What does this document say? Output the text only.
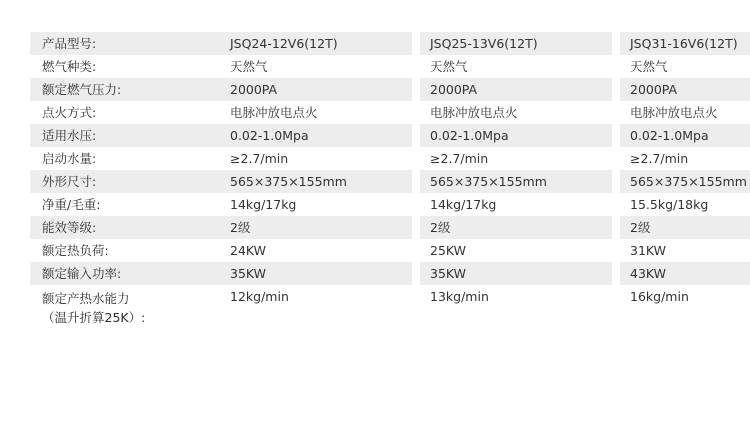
产品型号:	JSQ24-12V6(12T)		JSQ25-13V6(12T)		JSQ31-16V6(12T)
燃气种类:	天然气		天然气		天然气
额定燃气压力:	2000PA		2000PA		2000PA
点火方式:	电脉冲放电点火		电脉冲放电点火		电脉冲放电点火
适用水压:	0.02-1.0Mpa		0.02-1.0Mpa		0.02-1.0Mpa
启动水量:	≥2.7/min		≥2.7/min		≥2.7/min
外形尺寸:	565×375×155mm		565×375×155mm		565×375×155mm
净重/毛重:	14kg/17kg		14kg/17kg		15.5kg/18kg
能效等级:	2级		2级		2级
额定热负荷:	24KW		25KW		31KW
额定输入功率:	35KW		35KW		43KW

额定产热水能力
（温升折算25K）:	12kg/min		13kg/min		16kg/min
